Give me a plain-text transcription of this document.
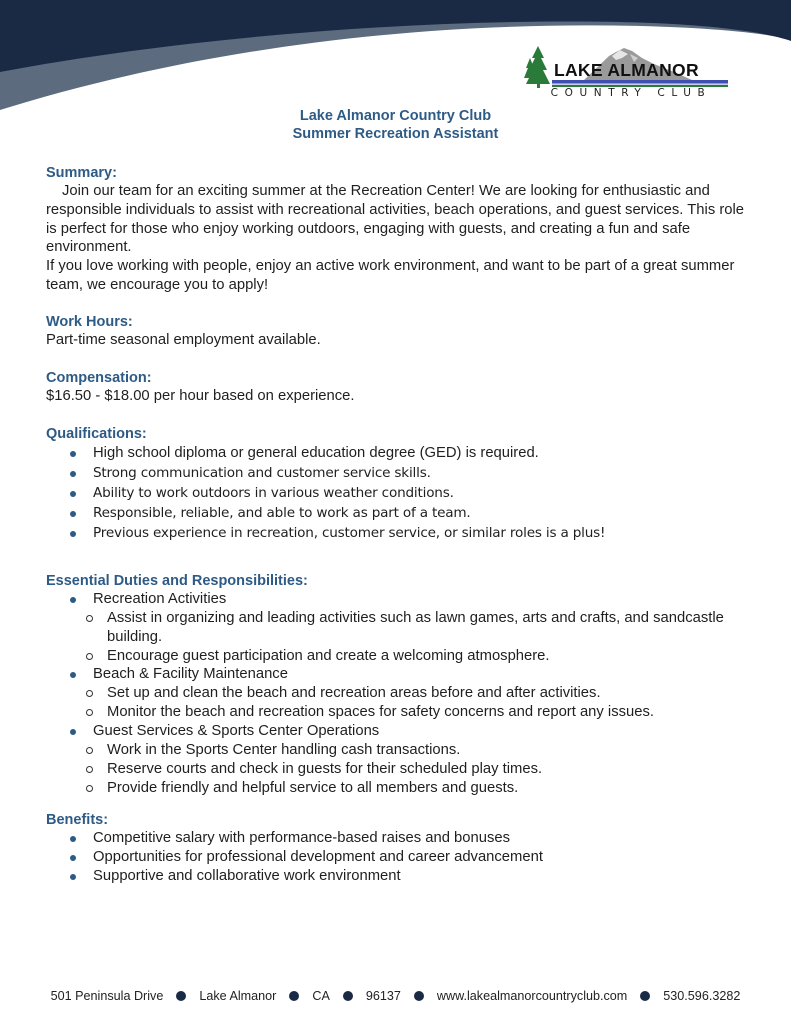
LAKE ALMANOR
COUNTRY CLUB
Lake Almanor Country Club
Summer Recreation Assistant
Summary:

Join our team for an exciting summer at the Recreation Center! We are looking for enthusiastic and responsible individuals to assist with recreational activities, beach operations, and guest services. This role is perfect for those who enjoy working outdoors, engaging with guests, and creating a fun and safe environment.

If you love working with people, enjoy an active work environment, and want to be part of a great summer team, we encourage you to apply!

Work Hours:

Part-time seasonal employment available.

Compensation:

$16.50 - $18.00 per hour based on experience.

Qualifications:
High school diploma or general education degree (GED) is required.
Strong communication and customer service skills.
Ability to work outdoors in various weather conditions.
Responsible, reliable, and able to work as part of a team.
Previous experience in recreation, customer service, or similar roles is a plus!
Essential Duties and Responsibilities:
Recreation Activities
Assist in organizing and leading activities such as lawn games, arts and crafts, and sandcastle building.
Encourage guest participation and create a welcoming atmosphere.
Beach & Facility Maintenance
Set up and clean the beach and recreation areas before and after activities.
Monitor the beach and recreation spaces for safety concerns and report any issues.
Guest Services & Sports Center Operations
Work in the Sports Center handling cash transactions.
Reserve courts and check in guests for their scheduled play times.
Provide friendly and helpful service to all members and guests.
Benefits:
Competitive salary with performance-based raises and bonuses
Opportunities for professional development and career advancement
Supportive and collaborative work environment
501 Peninsula Drive	Lake Almanor	CA	96137	www.lakealmanorcountryclub.com	530.596.3282
